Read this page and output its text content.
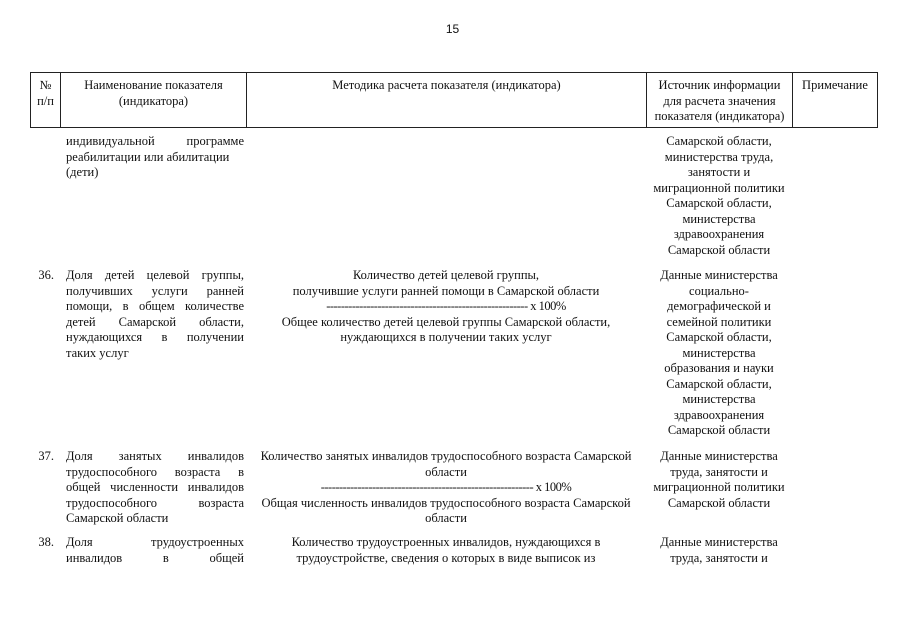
15
№ п/п
Наименование показателя (индикатора)
Методика расчета показателя (индикатора)	Источник информации для расчета значения показателя (индикатора)
Примечание
индивидуальной программе
реабилитации или абилитации
(дети)
Самарской области,
министерства труда,
занятости и
миграционной политики
Самарской области,
министерства
здравоохранения
Самарской области
36. Доля детей целевой группы,
получивших услуги ранней
помощи, в общем количестве
детей Самарской области,
нуждающихся в получении
таких услуг
Количество детей целевой группы,
получившие услуги ранней помощи в Самарской области
------------------------------------------------------- x 100%
Общее количество детей целевой группы Самарской области,
нуждающихся в получении таких услуг
Данные министерства
социально-
демографической и
семейной политики
Самарской области,
министерства
образования и науки
Самарской области,
министерства
здравоохранения
Самарской области
37. Доля занятых инвалидов
трудоспособного возраста в
общей численности инвалидов
трудоспособного возраста
Самарской области
Количество занятых инвалидов трудоспособного возраста Самарской
области
---------------------------------------------------------- x 100%
Общая численность инвалидов трудоспособного возраста Самарской
области
Данные министерства
труда, занятости и
миграционной политики
Самарской области
38. Доля трудоустроенных
инвалидов в общей
Количество трудоустроенных инвалидов, нуждающихся в
трудоустройстве, сведения о которых в виде выписок из
Данные министерства
труда, занятости и
